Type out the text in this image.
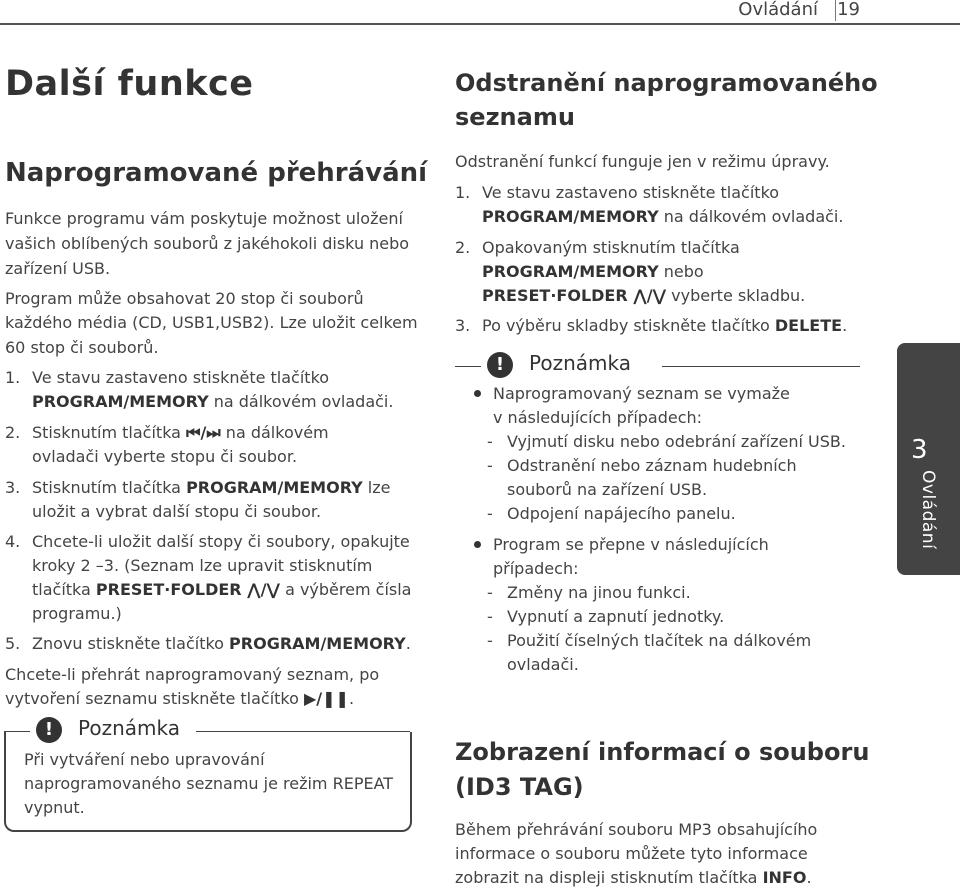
Ovládání	19
Další funkce
Naprogramované přehrávání
Funkce programu vám poskytuje možnost uložení
vašich oblíbených souborů z jakéhokoli disku nebo
zařízení USB.
Program může obsahovat 20 stop či souborů
každého média (CD, USB1,USB2). Lze uložit celkem
60 stop či souborů.
1. Ve stavu zastaveno stiskněte tlačítko
PROGRAM/MEMORY na dálkovém ovladači.
2. Stisknutím tlačítka ⏮/⏭ na dálkovém
ovladači vyberte stopu či soubor.
3. Stisknutím tlačítka PROGRAM/MEMORY lze
uložit a vybrat další stopu či soubor.
4. Chcete-li uložit další stopy či soubory, opakujte
kroky 2 –3. (Seznam lze upravit stisknutím
tlačítka PRESET·FOLDER ⋀/⋁ a výběrem čísla
programu.)
5. Znovu stiskněte tlačítko PROGRAM/MEMORY.
Chcete-li přehrát naprogramovaný seznam, po
vytvoření seznamu stiskněte tlačítko ▶/❚❚.
!	Poznámka
Při vytváření nebo upravování
naprogramovaného seznamu je režim REPEAT
vypnut.
Odstranění naprogramovaného
seznamu
Odstranění funkcí funguje jen v režimu úpravy.
1. Ve stavu zastaveno stiskněte tlačítko
PROGRAM/MEMORY na dálkovém ovladači.
2. Opakovaným stisknutím tlačítka
PROGRAM/MEMORY nebo
PRESET·FOLDER ⋀/⋁ vyberte skladbu.
3. Po výběru skladby stiskněte tlačítko DELETE.
!	Poznámka
Naprogramovaný seznam se vymaže
v následujících případech:
- Vyjmutí disku nebo odebrání zařízení USB.
- Odstranění nebo záznam hudebních
souborů na zařízení USB.
- Odpojení napájecího panelu.
Program se přepne v následujících
případech:
- Změny na jinou funkci.
- Vypnutí a zapnutí jednotky.
- Použití číselných tlačítek na dálkovém
ovladači.
Zobrazení informací o souboru
(ID3 TAG)
Během přehrávání souboru MP3 obsahujícího
informace o souboru můžete tyto informace
zobrazit na displeji stisknutím tlačítka INFO.
3
Ovládání
